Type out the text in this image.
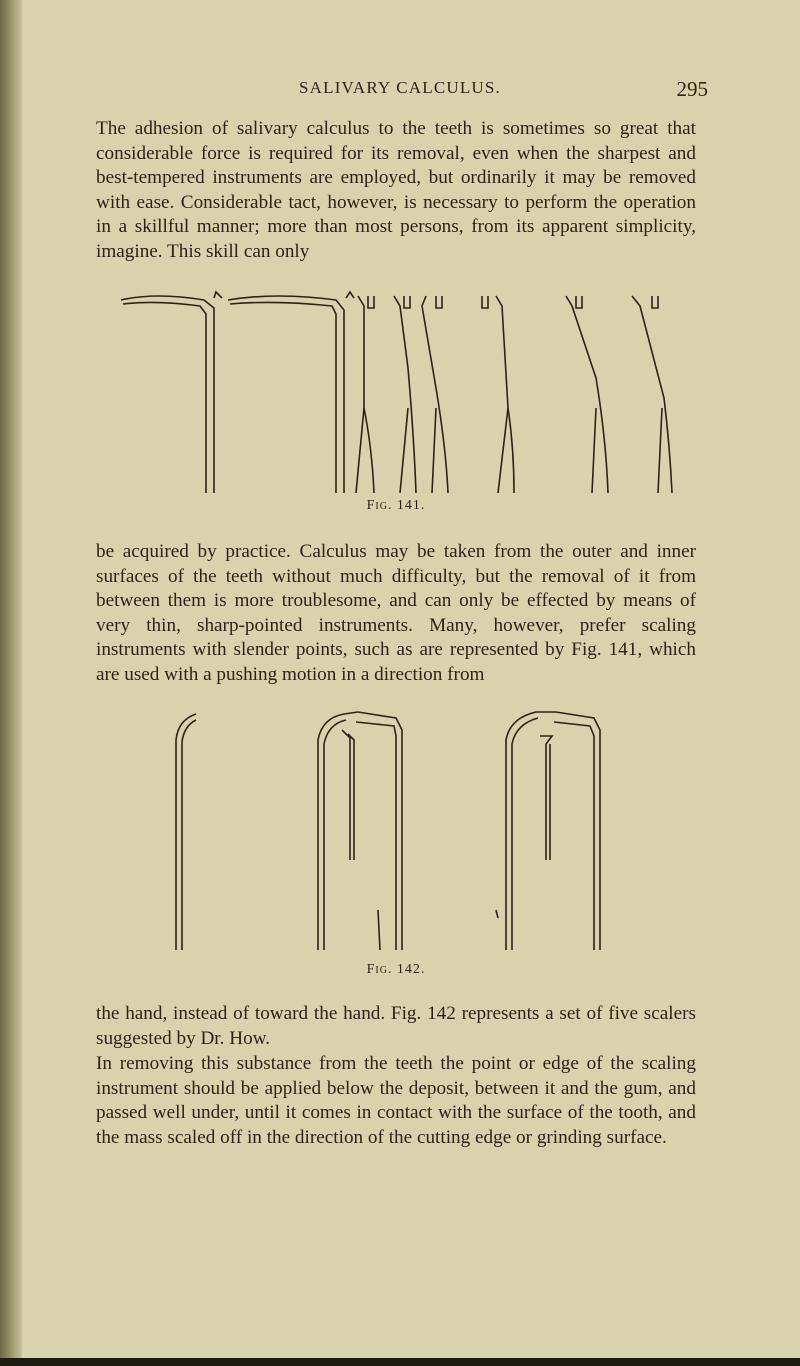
SALIVARY CALCULUS.	295

The adhesion of salivary calculus to the teeth is sometimes so great that considerable force is required for its removal, even when the sharpest and best-tempered instruments are employed, but ordinarily it may be removed with ease. Considerable tact, however, is necessary to perform the operation in a skillful manner; more than most persons, from its apparent simplicity, imagine. This skill can only

Fig. 141.

be acquired by practice. Calculus may be taken from the outer and inner surfaces of the teeth without much difficulty, but the removal of it from between them is more troublesome, and can only be effected by means of very thin, sharp-pointed instruments. Many, however, prefer scaling instruments with slender points, such as are represented by Fig. 141, which are used with a pushing motion in a direction from

Fig. 142.

the hand, instead of toward the hand. Fig. 142 represents a set of five scalers suggested by Dr. How.

In removing this substance from the teeth the point or edge of the scaling instrument should be applied below the deposit, between it and the gum, and passed well under, until it comes in contact with the surface of the tooth, and the mass scaled off in the direction of the cutting edge or grinding surface.
